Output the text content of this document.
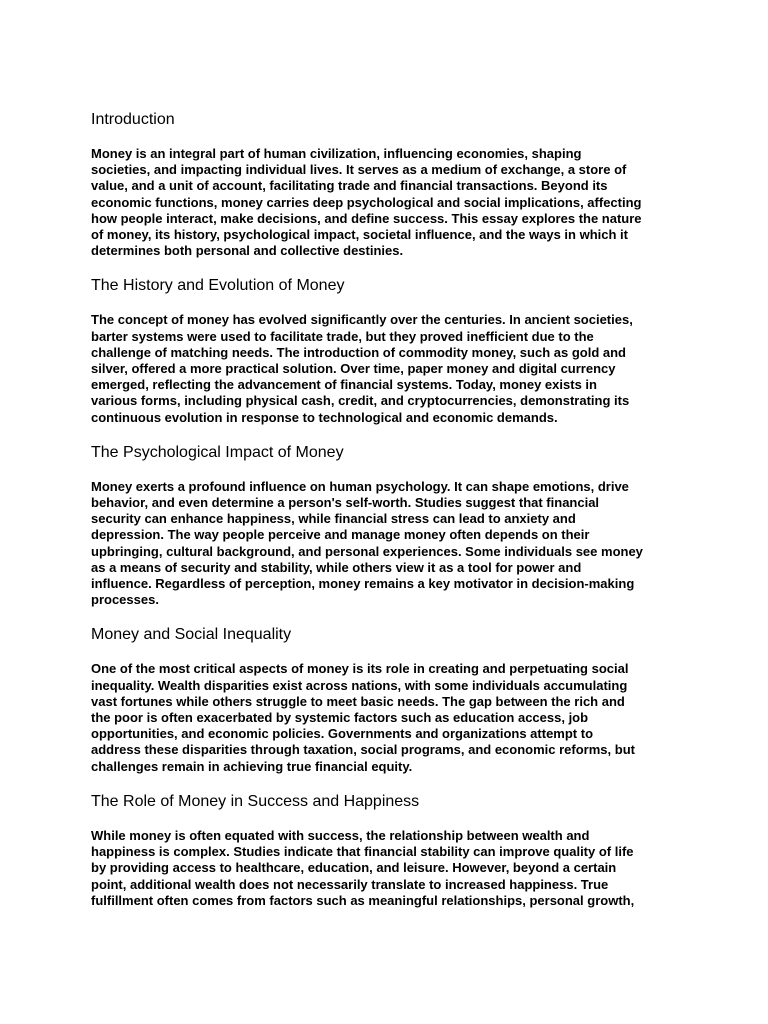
Introduction
Money is an integral part of human civilization, influencing economies, shaping
societies, and impacting individual lives. It serves as a medium of exchange, a store of
value, and a unit of account, facilitating trade and financial transactions. Beyond its
economic functions, money carries deep psychological and social implications, affecting
how people interact, make decisions, and define success. This essay explores the nature
of money, its history, psychological impact, societal influence, and the ways in which it
determines both personal and collective destinies.
The History and Evolution of Money
The concept of money has evolved significantly over the centuries. In ancient societies,
barter systems were used to facilitate trade, but they proved inefficient due to the
challenge of matching needs. The introduction of commodity money, such as gold and
silver, offered a more practical solution. Over time, paper money and digital currency
emerged, reflecting the advancement of financial systems. Today, money exists in
various forms, including physical cash, credit, and cryptocurrencies, demonstrating its
continuous evolution in response to technological and economic demands.
The Psychological Impact of Money
Money exerts a profound influence on human psychology. It can shape emotions, drive
behavior, and even determine a person's self-worth. Studies suggest that financial
security can enhance happiness, while financial stress can lead to anxiety and
depression. The way people perceive and manage money often depends on their
upbringing, cultural background, and personal experiences. Some individuals see money
as a means of security and stability, while others view it as a tool for power and
influence. Regardless of perception, money remains a key motivator in decision-making
processes.
Money and Social Inequality
One of the most critical aspects of money is its role in creating and perpetuating social
inequality. Wealth disparities exist across nations, with some individuals accumulating
vast fortunes while others struggle to meet basic needs. The gap between the rich and
the poor is often exacerbated by systemic factors such as education access, job
opportunities, and economic policies. Governments and organizations attempt to
address these disparities through taxation, social programs, and economic reforms, but
challenges remain in achieving true financial equity.
The Role of Money in Success and Happiness
While money is often equated with success, the relationship between wealth and
happiness is complex. Studies indicate that financial stability can improve quality of life
by providing access to healthcare, education, and leisure. However, beyond a certain
point, additional wealth does not necessarily translate to increased happiness. True
fulfillment often comes from factors such as meaningful relationships, personal growth,
